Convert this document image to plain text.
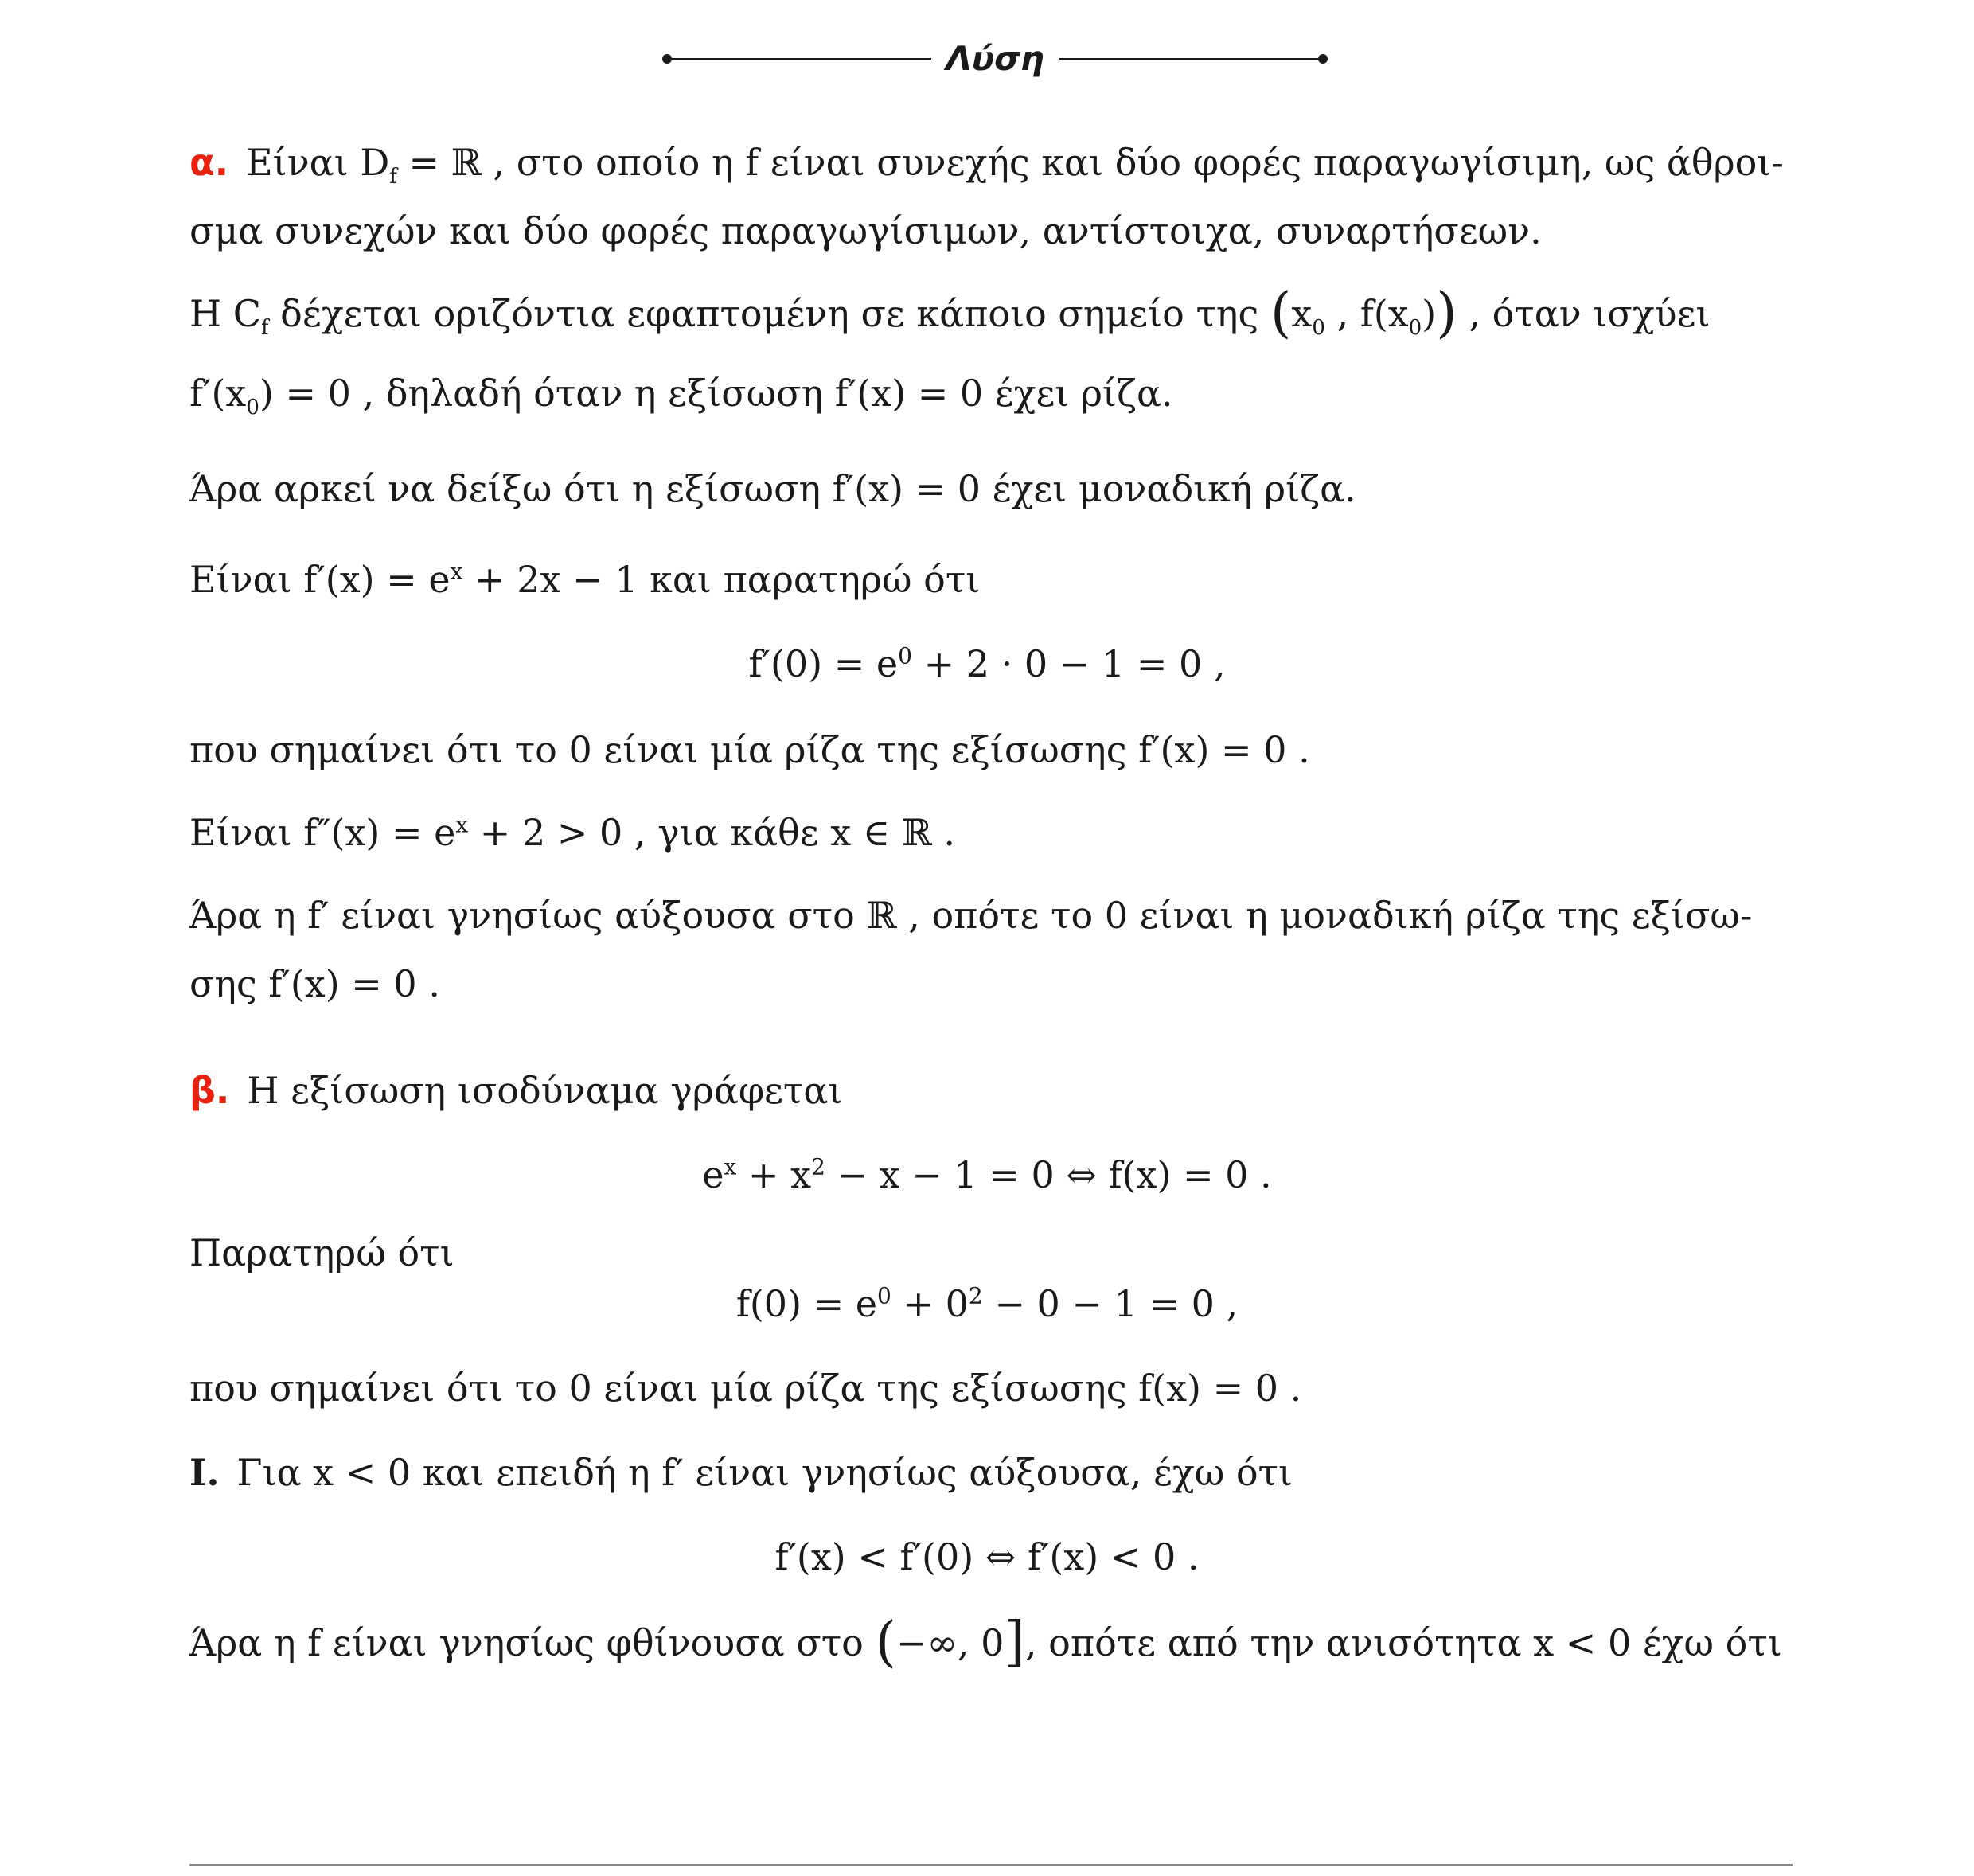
Λύση
α. Είναι $D_f$ = ℝ , στο οποίο η f είναι συνεχής και δύο φορές παραγωγίσιμη, ως άθροι-
σμα συνεχών και δύο φορές παραγωγίσιμων, αντίστοιχα, συναρτήσεων.
Η $C_f$ δέχεται οριζόντια εφαπτομένη σε κάποιο σημείο της ($x_0$ , $f(x_0)$) , όταν ισχύει
$f'(x_0) = 0$ , δηλαδή όταν η εξίσωση f′(x) = 0 έχει ρίζα.
Άρα αρκεί να δείξω ότι η εξίσωση f′(x) = 0 έχει μοναδική ρίζα.
Είναι $f'(x) = e^x + 2x - 1$ και παρατηρώ ότι
$f'(0) = e^0 + 2 \cdot 0 - 1 = 0$ ,
που σημαίνει ότι το 0 είναι μία ρίζα της εξίσωσης f′(x) = 0 .
Είναι $f''(x) = e^x + 2 > 0$ , για κάθε x ∈ ℝ .
Άρα η f′ είναι γνησίως αύξουσα στο ℝ , οπότε το 0 είναι η μοναδική ρίζα της εξίσω-
σης f′(x) = 0 .
β. Η εξίσωση ισοδύναμα γράφεται
$e^x + x^2 - x - 1 = 0$ ⇔ f(x) = 0 .
Παρατηρώ ότι
$f(0) = e^0 + 0^2 - 0 - 1 = 0$ ,
που σημαίνει ότι το 0 είναι μία ρίζα της εξίσωσης f(x) = 0 .
I. Για x < 0 και επειδή η f′ είναι γνησίως αύξουσα, έχω ότι
f′(x) < f′(0) ⇔ f′(x) < 0 .
Άρα η f είναι γνησίως φθίνουσα στο (−∞, 0], οπότε από την ανισότητα x < 0 έχω ότι
